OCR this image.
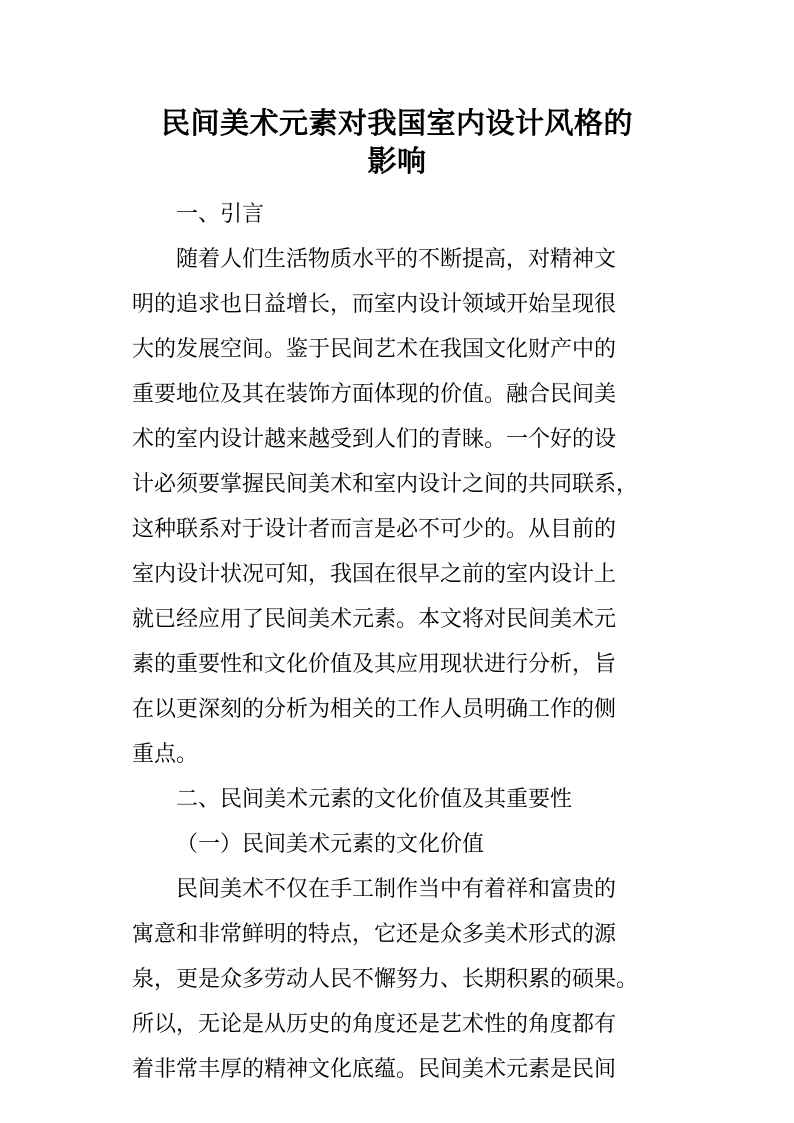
民间美术元素对我国室内设计风格的
影响

一、引言

随着人们生活物质水平的不断提高，对精神文
明的追求也日益增长，而室内设计领域开始呈现很
大的发展空间。鉴于民间艺术在我国文化财产中的
重要地位及其在装饰方面体现的价值。融合民间美
术的室内设计越来越受到人们的青睐。一个好的设
计必须要掌握民间美术和室内设计之间的共同联系，
这种联系对于设计者而言是必不可少的。从目前的
室内设计状况可知，我国在很早之前的室内设计上
就已经应用了民间美术元素。本文将对民间美术元
素的重要性和文化价值及其应用现状进行分析，旨
在以更深刻的分析为相关的工作人员明确工作的侧
重点。

二、民间美术元素的文化价值及其重要性

（一）民间美术元素的文化价值

民间美术不仅在手工制作当中有着祥和富贵的
寓意和非常鲜明的特点，它还是众多美术形式的源
泉，更是众多劳动人民不懈努力、长期积累的硕果。
所以，无论是从历史的角度还是艺术性的角度都有
着非常丰厚的精神文化底蕴。民间美术元素是民间
